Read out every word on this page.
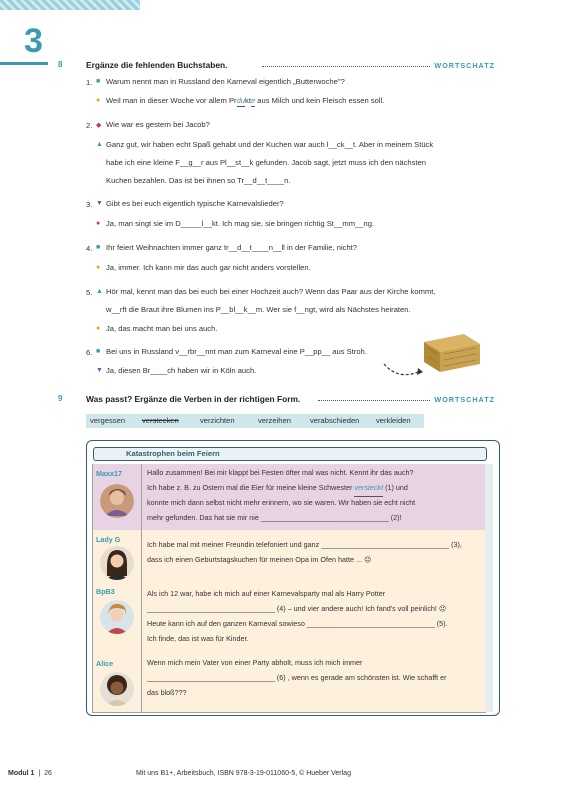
3
8	Ergänze die fehlenden Buchstaben.	WORTSCHATZ
1. ■ Warum nennt man in Russland den Karneval eigentlich „Butterwoche"?
● Weil man in dieser Woche vor allem Prdukte aus Milch und kein Fleisch essen soll.
2. ◆ Wie war es gestern bei Jacob?
▲ Ganz gut, wir haben echt Spaß gehabt und der Kuchen war auch l__ck__t. Aber in meinem Stück
habe ich eine kleine F__g__r aus Pl__st__k gefunden. Jacob sagt, jetzt muss ich den nächsten
Kuchen bezahlen. Das ist bei ihnen so Tr__d__t____n.
3. ▼ Gibt es bei euch eigentlich typische Karnevalslieder?
● Ja, man singt sie im D_____l__kt. Ich mag sie, sie bringen richtig St__mm__ng.
4. ■ Ihr feiert Weihnachten immer ganz tr__d__t____n__ll in der Familie, nicht?
● Ja, immer. Ich kann mir das auch gar nicht anders vorstellen.
5. ▲ Hör mal, kennt man das bei euch bei einer Hochzeit auch? Wenn das Paar aus der Kirche kommt,
w__rft die Braut ihre Blumen ins P__bl__k__m. Wer sie f__ngt, wird als Nächstes heiraten.
● Ja, das macht man bei uns auch.
6. ■ Bei uns in Russland v__rbr__nnt man zum Karneval eine P__pp__ aus Stroh.
▼ Ja, diesen Br____ch haben wir in Köln auch.
9	Was passt? Ergänze die Verben in der richtigen Form.	WORTSCHATZ
vergessen verstecken	verzichten	verzeihen	verabschieden verkleiden
Katastrophen beim Feiern
Maxx17	Hallo zusammen! Bei mir klappt bei Festen öfter mal was nicht. Kennt ihr das auch?
Ich habe z. B. zu Ostern mal die Eier für meine kleine Schwester versteckt (1) und
konnte mich dann selbst nicht mehr erinnern, wo sie waren. Wir haben sie echt nicht
mehr gefunden. Das hat sie mir nie ________________________________ (2)!
Lady G
Ich habe mal mit meiner Freundin telefoniert und ganz ________________________________ (3),
dass ich einen Geburtstagskuchen für meinen Opa im Ofen hatte ... ☹
BpB3	Als ich 12 war, habe ich mich auf einer Karnevalsparty mal als Harry Potter
________________________________ (4) – und vier andere auch! Ich fand's voll peinlich! ☹
Heute kann ich auf den ganzen Karneval sowieso ________________________________ (5).
Ich finde, das ist was für Kinder.
Alice	Wenn mich mein Vater von einer Party abholt, muss ich mich immer
________________________________ (6) , wenn es gerade am schönsten ist. Wie schafft er
das bloß???
Modul 1 | 26	Mit uns B1+, Arbeitsbuch, ISBN 978-3-19-011060-5, © Hueber Verlag
